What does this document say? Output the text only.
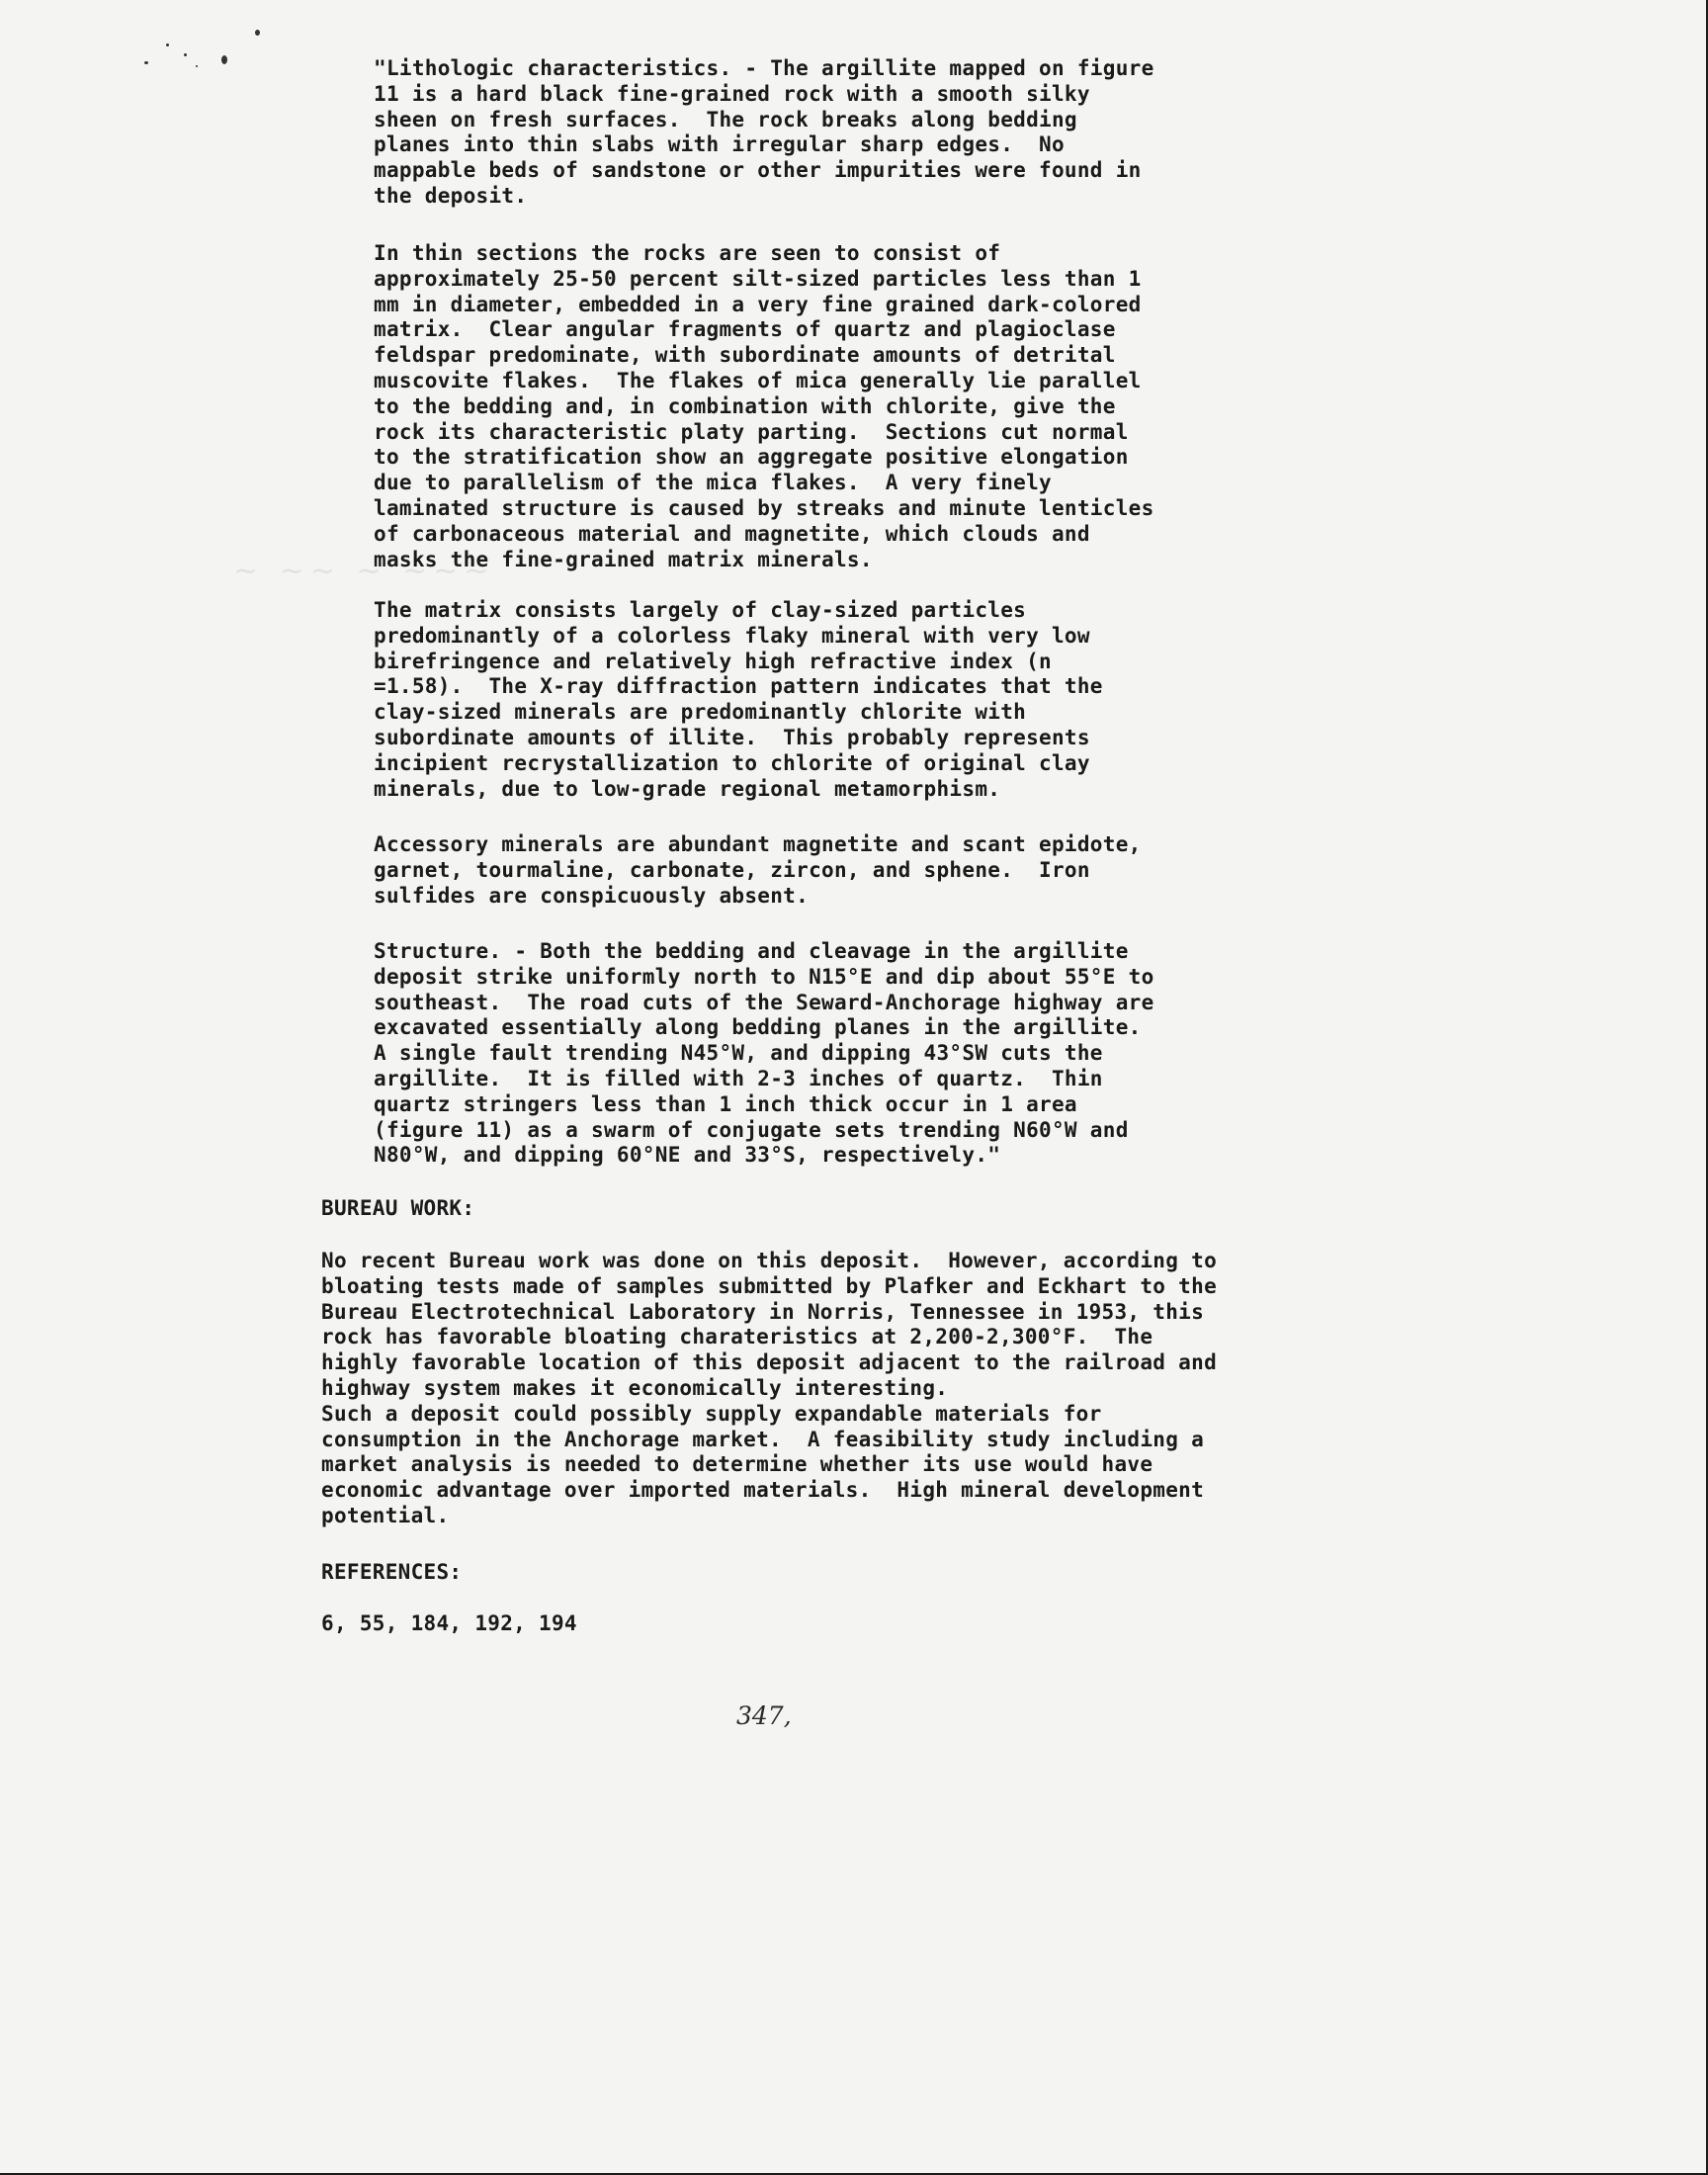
~ ~~ ~ ~~~
"Lithologic characteristics. - The argillite mapped on figure
11 is a hard black fine-grained rock with a smooth silky
sheen on fresh surfaces.  The rock breaks along bedding
planes into thin slabs with irregular sharp edges.  No
mappable beds of sandstone or other impurities were found in
the deposit.
In thin sections the rocks are seen to consist of
approximately 25-50 percent silt-sized particles less than 1
mm in diameter, embedded in a very fine grained dark-colored
matrix.  Clear angular fragments of quartz and plagioclase
feldspar predominate, with subordinate amounts of detrital
muscovite flakes.  The flakes of mica generally lie parallel
to the bedding and, in combination with chlorite, give the
rock its characteristic platy parting.  Sections cut normal
to the stratification show an aggregate positive elongation
due to parallelism of the mica flakes.  A very finely
laminated structure is caused by streaks and minute lenticles
of carbonaceous material and magnetite, which clouds and
masks the fine-grained matrix minerals.
The matrix consists largely of clay-sized particles
predominantly of a colorless flaky mineral with very low
birefringence and relatively high refractive index (n
=1.58).  The X-ray diffraction pattern indicates that the
clay-sized minerals are predominantly chlorite with
subordinate amounts of illite.  This probably represents
incipient recrystallization to chlorite of original clay
minerals, due to low-grade regional metamorphism.
Accessory minerals are abundant magnetite and scant epidote,
garnet, tourmaline, carbonate, zircon, and sphene.  Iron
sulfides are conspicuously absent.
Structure. - Both the bedding and cleavage in the argillite
deposit strike uniformly north to N15°E and dip about 55°E to
southeast.  The road cuts of the Seward-Anchorage highway are
excavated essentially along bedding planes in the argillite.
A single fault trending N45°W, and dipping 43°SW cuts the
argillite.  It is filled with 2-3 inches of quartz.  Thin
quartz stringers less than 1 inch thick occur in 1 area
(figure 11) as a swarm of conjugate sets trending N60°W and
N80°W, and dipping 60°NE and 33°S, respectively."
BUREAU WORK:
No recent Bureau work was done on this deposit.  However, according to
bloating tests made of samples submitted by Plafker and Eckhart to the
Bureau Electrotechnical Laboratory in Norris, Tennessee in 1953, this
rock has favorable bloating charateristics at 2,200-2,300°F.  The
highly favorable location of this deposit adjacent to the railroad and
highway system makes it economically interesting.
Such a deposit could possibly supply expandable materials for
consumption in the Anchorage market.  A feasibility study including a
market analysis is needed to determine whether its use would have
economic advantage over imported materials.  High mineral development
potential.
REFERENCES:
6, 55, 184, 192, 194
347,
